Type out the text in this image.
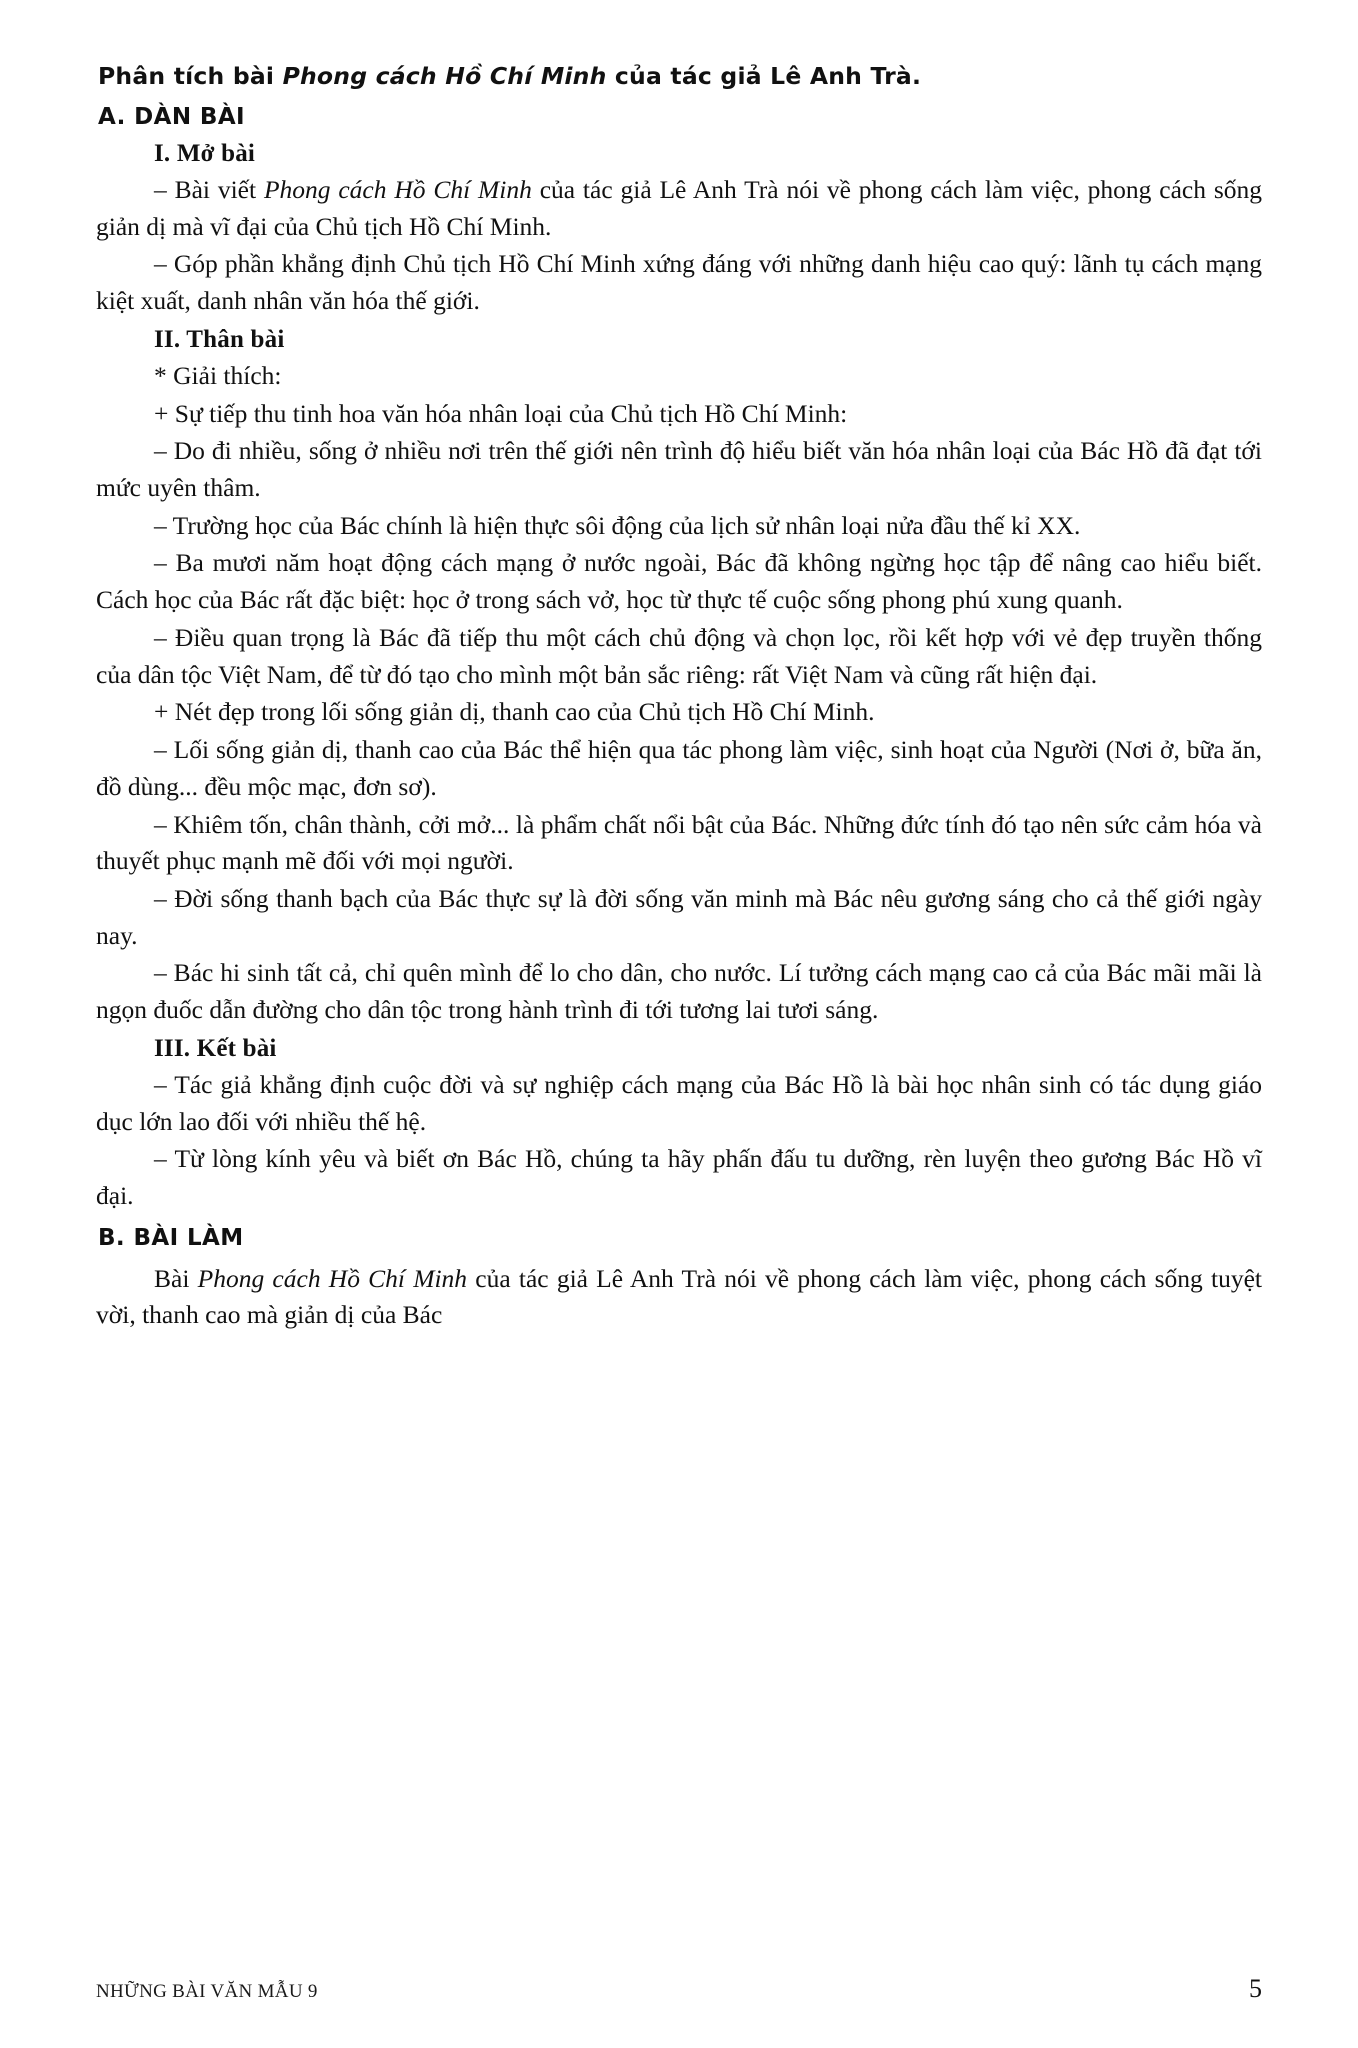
Phân tích bài Phong cách Hồ Chí Minh của tác giả Lê Anh Trà.
A. DÀN BÀI
I. Mở bài

– Bài viết Phong cách Hồ Chí Minh của tác giả Lê Anh Trà nói về phong cách làm việc, phong cách sống giản dị mà vĩ đại của Chủ tịch Hồ Chí Minh.

– Góp phần khẳng định Chủ tịch Hồ Chí Minh xứng đáng với những danh hiệu cao quý: lãnh tụ cách mạng kiệt xuất, danh nhân văn hóa thế giới.

II. Thân bài
* Giải thích:

+ Sự tiếp thu tinh hoa văn hóa nhân loại của Chủ tịch Hồ Chí Minh:

– Do đi nhiều, sống ở nhiều nơi trên thế giới nên trình độ hiểu biết văn hóa nhân loại của Bác Hồ đã đạt tới mức uyên thâm.

– Trường học của Bác chính là hiện thực sôi động của lịch sử nhân loại nửa đầu thế kỉ XX.

– Ba mươi năm hoạt động cách mạng ở nước ngoài, Bác đã không ngừng học tập để nâng cao hiểu biết. Cách học của Bác rất đặc biệt: học ở trong sách vở, học từ thực tế cuộc sống phong phú xung quanh.

– Điều quan trọng là Bác đã tiếp thu một cách chủ động và chọn lọc, rồi kết hợp với vẻ đẹp truyền thống của dân tộc Việt Nam, để từ đó tạo cho mình một bản sắc riêng: rất Việt Nam và cũng rất hiện đại.

+ Nét đẹp trong lối sống giản dị, thanh cao của Chủ tịch Hồ Chí Minh.

– Lối sống giản dị, thanh cao của Bác thể hiện qua tác phong làm việc, sinh hoạt của Người (Nơi ở, bữa ăn, đồ dùng... đều mộc mạc, đơn sơ).

– Khiêm tốn, chân thành, cởi mở... là phẩm chất nổi bật của Bác. Những đức tính đó tạo nên sức cảm hóa và thuyết phục mạnh mẽ đối với mọi người.

– Đời sống thanh bạch của Bác thực sự là đời sống văn minh mà Bác nêu gương sáng cho cả thế giới ngày nay.

– Bác hi sinh tất cả, chỉ quên mình để lo cho dân, cho nước. Lí tưởng cách mạng cao cả của Bác mãi mãi là ngọn đuốc dẫn đường cho dân tộc trong hành trình đi tới tương lai tươi sáng.

III. Kết bài

– Tác giả khẳng định cuộc đời và sự nghiệp cách mạng của Bác Hồ là bài học nhân sinh có tác dụng giáo dục lớn lao đối với nhiều thế hệ.

– Từ lòng kính yêu và biết ơn Bác Hồ, chúng ta hãy phấn đấu tu dưỡng, rèn luyện theo gương Bác Hồ vĩ đại.

B. BÀI LÀM

Bài Phong cách Hồ Chí Minh của tác giả Lê Anh Trà nói về phong cách làm việc, phong cách sống tuyệt vời, thanh cao mà giản dị của Bác

NHỮNG BÀI VĂN MẪU 9	5
